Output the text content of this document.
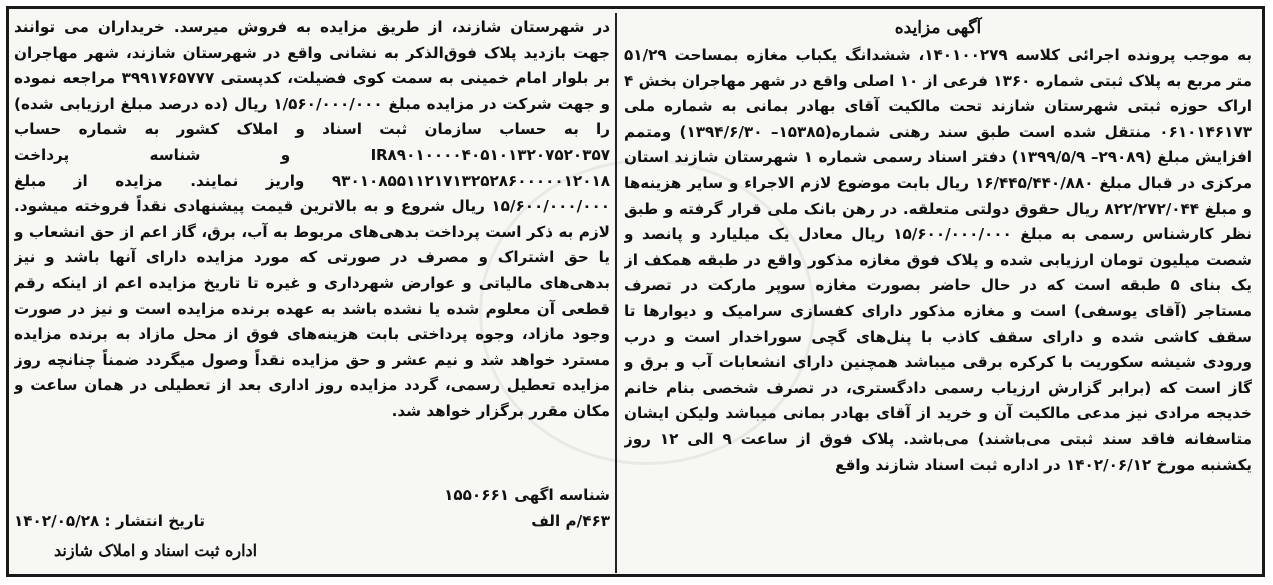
آگهی مزایده
به موجب پرونده اجرائی کلاسه ۱۴۰۱۰۰۲۷۹، ششدانگ یکباب مغازه بمساحت ۵۱/۲۹ متر مربع به پلاک ثبتی شماره ۱۳۶۰ فرعی از ۱۰ اصلی واقع در شهر مهاجران بخش ۴ اراک حوزه ثبتی شهرستان شازند تحت مالکیت آقای بهادر بمانی به شماره ملی ۰۶۱۰۱۴۶۱۷۳ منتقل شده است طبق سند رهنی شماره(۱۵۳۸۵– ۱۳۹۴/۶/۳۰) ومتمم افزایش مبلغ (۲۹۰۸۹– ۱۳۹۹/۵/۹) دفتر اسناد رسمی شماره ۱ شهرستان شازند استان مرکزی در قبال مبلغ ۱۶/۴۴۵/۴۴۰/۸۸۰ ریال بابت موضوع لازم الاجراء و سایر هزینه‌ها و مبلغ ۸۲۲/۲۷۲/۰۴۴ ریال حقوق دولتی متعلقه. در رهن بانک ملی قرار گرفته و طبق نظر کارشناس رسمی به مبلغ ۱۵/۶۰۰/۰۰۰/۰۰۰ ریال معادل یک میلیارد و پانصد و شصت میلیون تومان ارزیابی شده و پلاک فوق مغازه مذکور واقع در طبقه همکف از یک بنای ۵ طبقه است که در حال حاضر بصورت مغازه سوپر مارکت در تصرف مستاجر (آقای یوسفی) است و مغازه مذکور دارای کفسازی سرامیک و دیوارها تا سقف کاشی شده و دارای سقف کاذب با پنل‌های گچی سوراخدار است و درب ورودی شیشه سکوریت با کرکره برقی میباشد همچنین دارای انشعابات آب و برق و گاز است که (برابر گزارش ارزیاب رسمی دادگستری، در تصرف شخصی بنام خانم خدیجه مرادی نیز مدعی مالکیت آن و خرید از آقای بهادر بمانی میباشد ولیکن ایشان متاسفانه فاقد سند ثبتی می‌باشند) می‌باشد. پلاک فوق از ساعت ۹ الی ۱۲ روز یکشنبه مورخ ۱۴۰۲/۰۶/۱۲ در اداره ثبت اسناد شازند واقع
در شهرستان شازند، از طریق مزایده به فروش میرسد. خریداران می توانند جهت بازدید پلاک فوق‌الذکر به نشانی واقع در شهرستان شازند، شهر مهاجران بر بلوار امام خمینی به سمت کوی فضیلت، کدپستی ۳۹۹۱۷۶۵۷۷۷ مراجعه نموده و جهت شرکت در مزایده مبلغ ۱/۵۶۰/۰۰۰/۰۰۰ ریال (ده درصد مبلغ ارزیابی شده) را به حساب سازمان ثبت اسناد و املاک کشور به شماره حساب IR۸۹۰۱۰۰۰۰۴۰۵۱۰۱۳۲۰۷۵۲۰۳۵۷ و شناسه پرداخت ۹۳۰۱۰۸۵۵۱۱۲۱۷۱۳۲۵۲۸۶۰۰۰۰۰۱۲۰۱۸ واریز نمایند. مزایده از مبلغ ۱۵/۶۰۰/۰۰۰/۰۰۰ ریال شروع و به بالاترین قیمت پیشنهادی نقداً فروخته میشود. لازم به ذکر است پرداخت بدهی‌های مربوط به آب، برق، گاز اعم از حق انشعاب و یا حق اشتراک و مصرف در صورتی که مورد مزایده دارای آنها باشد و نیز بدهی‌های مالیاتی و عوارض شهرداری و غیره تا تاریخ مزایده اعم از اینکه رقم قطعی آن معلوم شده یا نشده باشد به عهده برنده مزایده است و نیز در صورت وجود مازاد، وجوه پرداختی بابت هزینه‌های فوق از محل مازاد به برنده مزایده مسترد خواهد شد و نیم عشر و حق مزایده نقداً وصول میگردد ضمناً چنانچه روز مزایده تعطیل رسمی، گردد مزایده روز اداری بعد از تعطیلی در همان ساعت و مکان مقرر برگزار خواهد شد.
شناسه اگهی ۱۵۵۰۶۶۱
۴۶۳/م الف
تاریخ انتشار : ۱۴۰۲/۰۵/۲۸
اداره ثبت اسناد و املاک شازند
